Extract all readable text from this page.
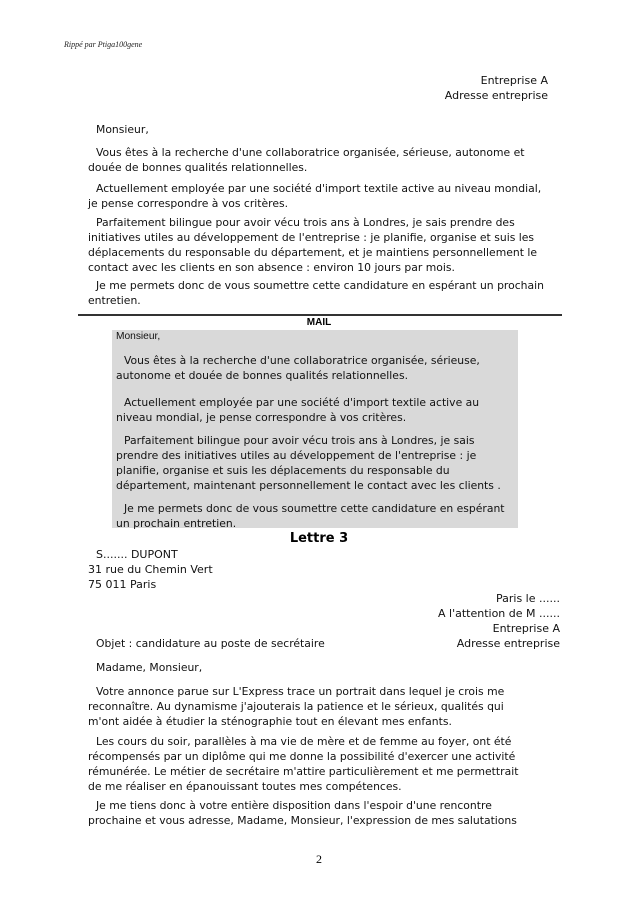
Rippé par Ptiga100gene
Entreprise A
Adresse entreprise
Monsieur,
Vous êtes à la recherche d'une collaboratrice organisée, sérieuse, autonome et douée de bonnes qualités relationnelles.
Actuellement employée par une société d'import textile active au niveau mondial, je pense correspondre à vos critères.
Parfaitement bilingue pour avoir vécu trois ans à Londres, je sais prendre des initiatives utiles au développement de l'entreprise : je planifie, organise et suis les déplacements du responsable du département, et je maintiens personnellement le contact avec les clients en son absence : environ 10 jours par mois.
Je me permets donc de vous soumettre cette candidature en espérant un prochain entretien.
MAIL
Monsieur,
Vous êtes à la recherche d'une collaboratrice organisée, sérieuse, autonome et douée de bonnes qualités relationnelles.
Actuellement employée par une société d'import textile active au niveau mondial, je pense correspondre à vos critères.
Parfaitement bilingue pour avoir vécu trois ans à Londres, je sais prendre des initiatives utiles au développement de l'entreprise : je planifie, organise et suis les déplacements du responsable du département, maintenant personnellement le contact avec les clients .
Je me permets donc de vous soumettre cette candidature en espérant un prochain entretien.
Lettre 3
S....... DUPONT
31 rue du Chemin Vert
75 011 Paris
Paris le ......
A l'attention de M ......
Entreprise A
Adresse entreprise
Objet : candidature au poste de secrétaire
Madame, Monsieur,
Votre annonce parue sur L'Express trace un portrait dans lequel je crois me reconnaître. Au dynamisme j'ajouterais la patience et le sérieux, qualités qui m'ont aidée à étudier la sténographie tout en élevant mes enfants.
Les cours du soir, parallèles à ma vie de mère et de femme au foyer, ont été récompensés par un diplôme qui me donne la possibilité d'exercer une activité rémunérée. Le métier de secrétaire m'attire particulièrement et me permettrait de me réaliser en épanouissant toutes mes compétences.
Je me tiens donc à votre entière disposition dans l'espoir d'une rencontre prochaine et vous adresse, Madame, Monsieur, l'expression de mes salutations
2
